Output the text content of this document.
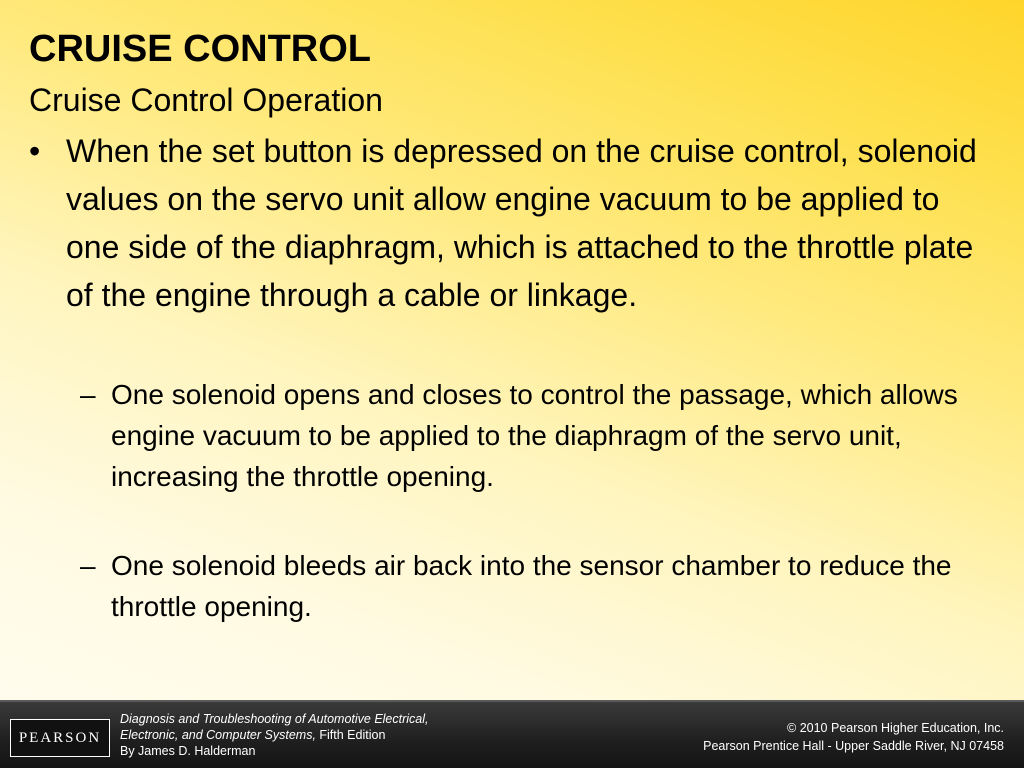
CRUISE CONTROL
Cruise Control Operation
• When the set button is depressed on the cruise control, solenoid values on the servo unit allow engine vacuum to be applied to one side of the diaphragm, which is attached to the throttle plate of the engine through a cable or linkage.
– One solenoid opens and closes to control the passage, which allows engine vacuum to be applied to the diaphragm of the servo unit, increasing the throttle opening.
– One solenoid bleeds air back into the sensor chamber to reduce the throttle opening.
PEARSON
Diagnosis and Troubleshooting of Automotive Electrical,
Electronic, and Computer Systems, Fifth Edition
By James D. Halderman
© 2010 Pearson Higher Education, Inc.
Pearson Prentice Hall - Upper Saddle River, NJ 07458
